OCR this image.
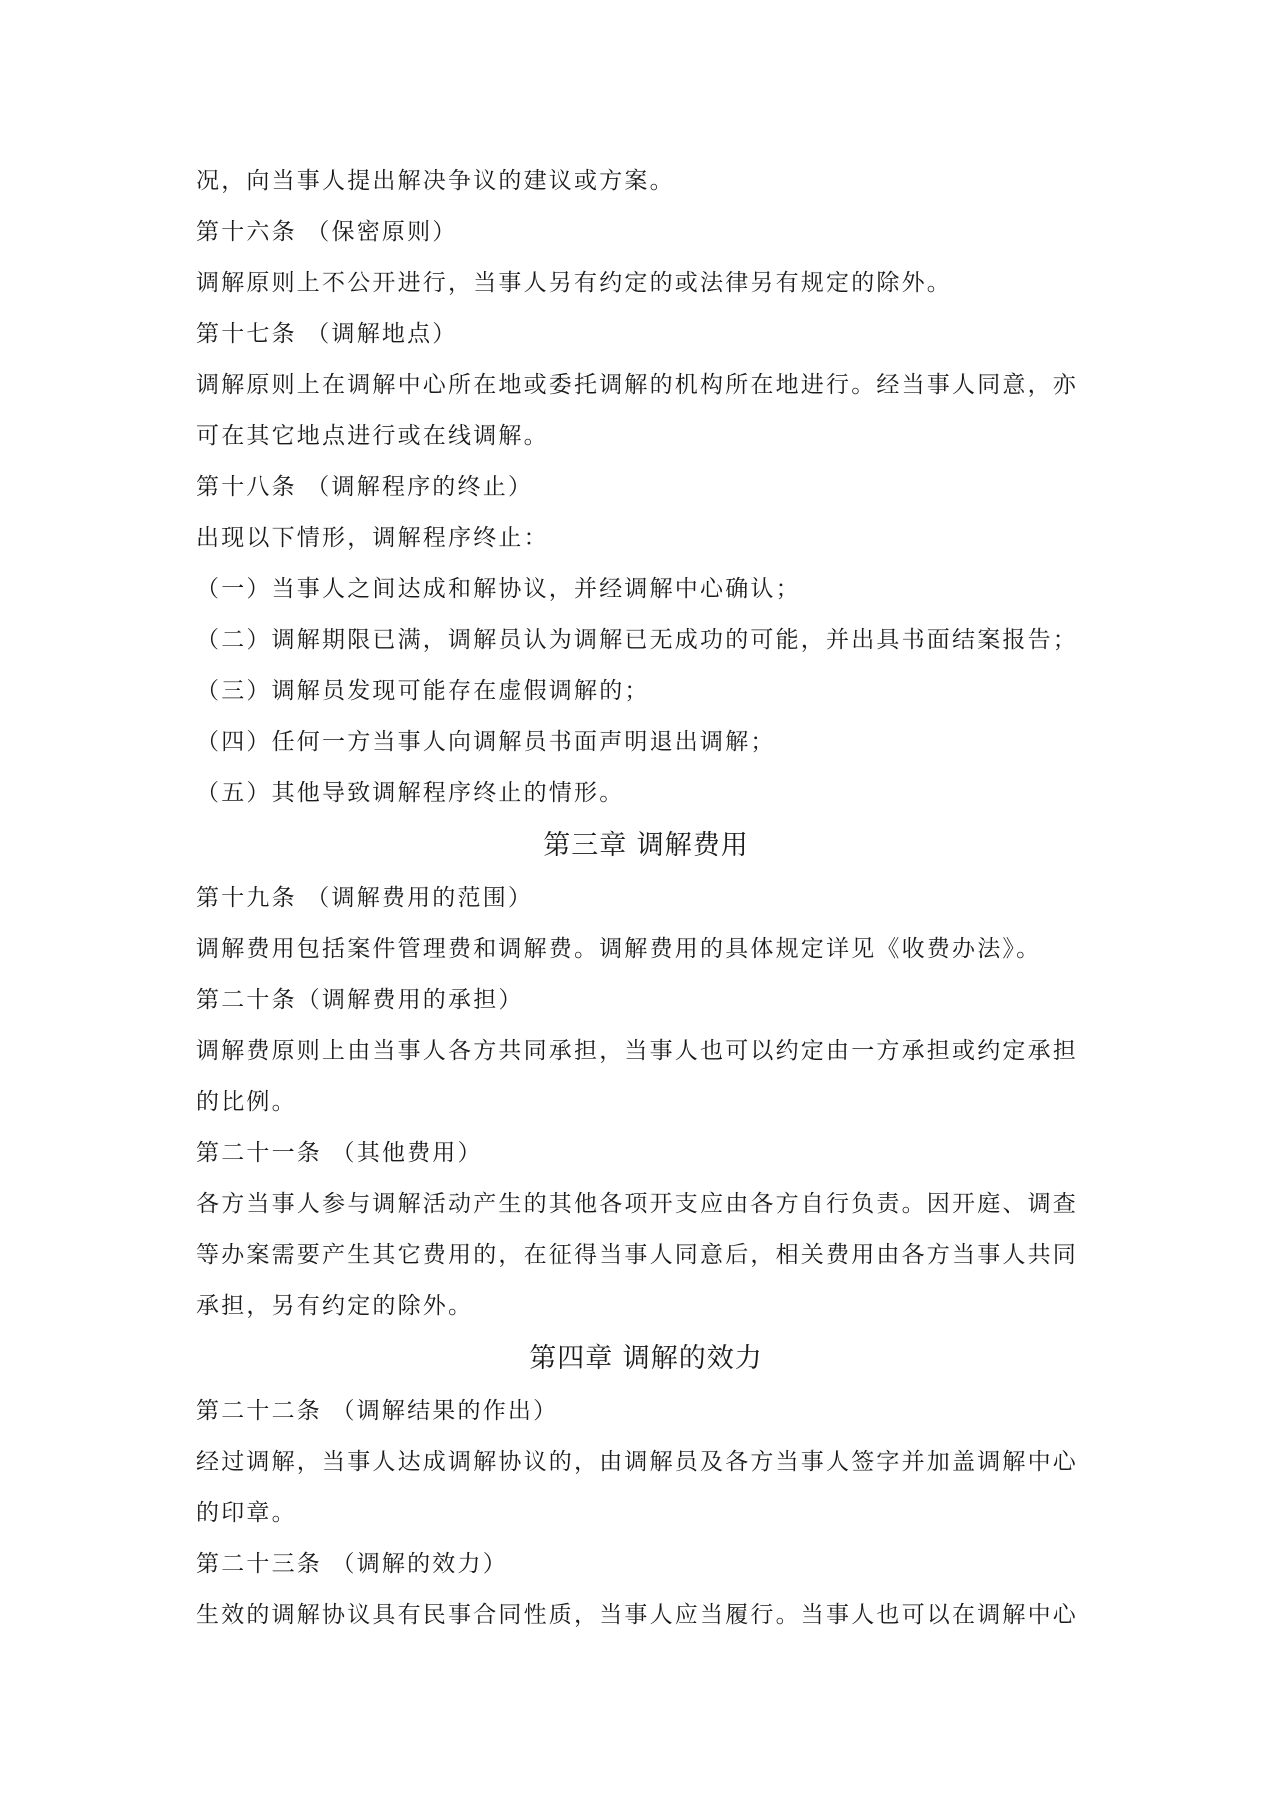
况，向当事人提出解决争议的建议或方案。
第十六条 （保密原则）
调解原则上不公开进行，当事人另有约定的或法律另有规定的除外。
第十七条 （调解地点）
调解原则上在调解中心所在地或委托调解的机构所在地进行。经当事人同意，亦
可在其它地点进行或在线调解。
第十八条 （调解程序的终止）
出现以下情形，调解程序终止：
（一）当事人之间达成和解协议，并经调解中心确认；
（二）调解期限已满，调解员认为调解已无成功的可能，并出具书面结案报告；
（三）调解员发现可能存在虚假调解的；
（四）任何一方当事人向调解员书面声明退出调解；
（五）其他导致调解程序终止的情形。
第三章 调解费用
第十九条 （调解费用的范围）
调解费用包括案件管理费和调解费。调解费用的具体规定详见《收费办法》。
第二十条（调解费用的承担）
调解费原则上由当事人各方共同承担，当事人也可以约定由一方承担或约定承担
的比例。
第二十一条 （其他费用）
各方当事人参与调解活动产生的其他各项开支应由各方自行负责。因开庭、调查
等办案需要产生其它费用的，在征得当事人同意后，相关费用由各方当事人共同
承担，另有约定的除外。
第四章 调解的效力
第二十二条 （调解结果的作出）
经过调解，当事人达成调解协议的，由调解员及各方当事人签字并加盖调解中心
的印章。
第二十三条 （调解的效力）
生效的调解协议具有民事合同性质，当事人应当履行。当事人也可以在调解中心
